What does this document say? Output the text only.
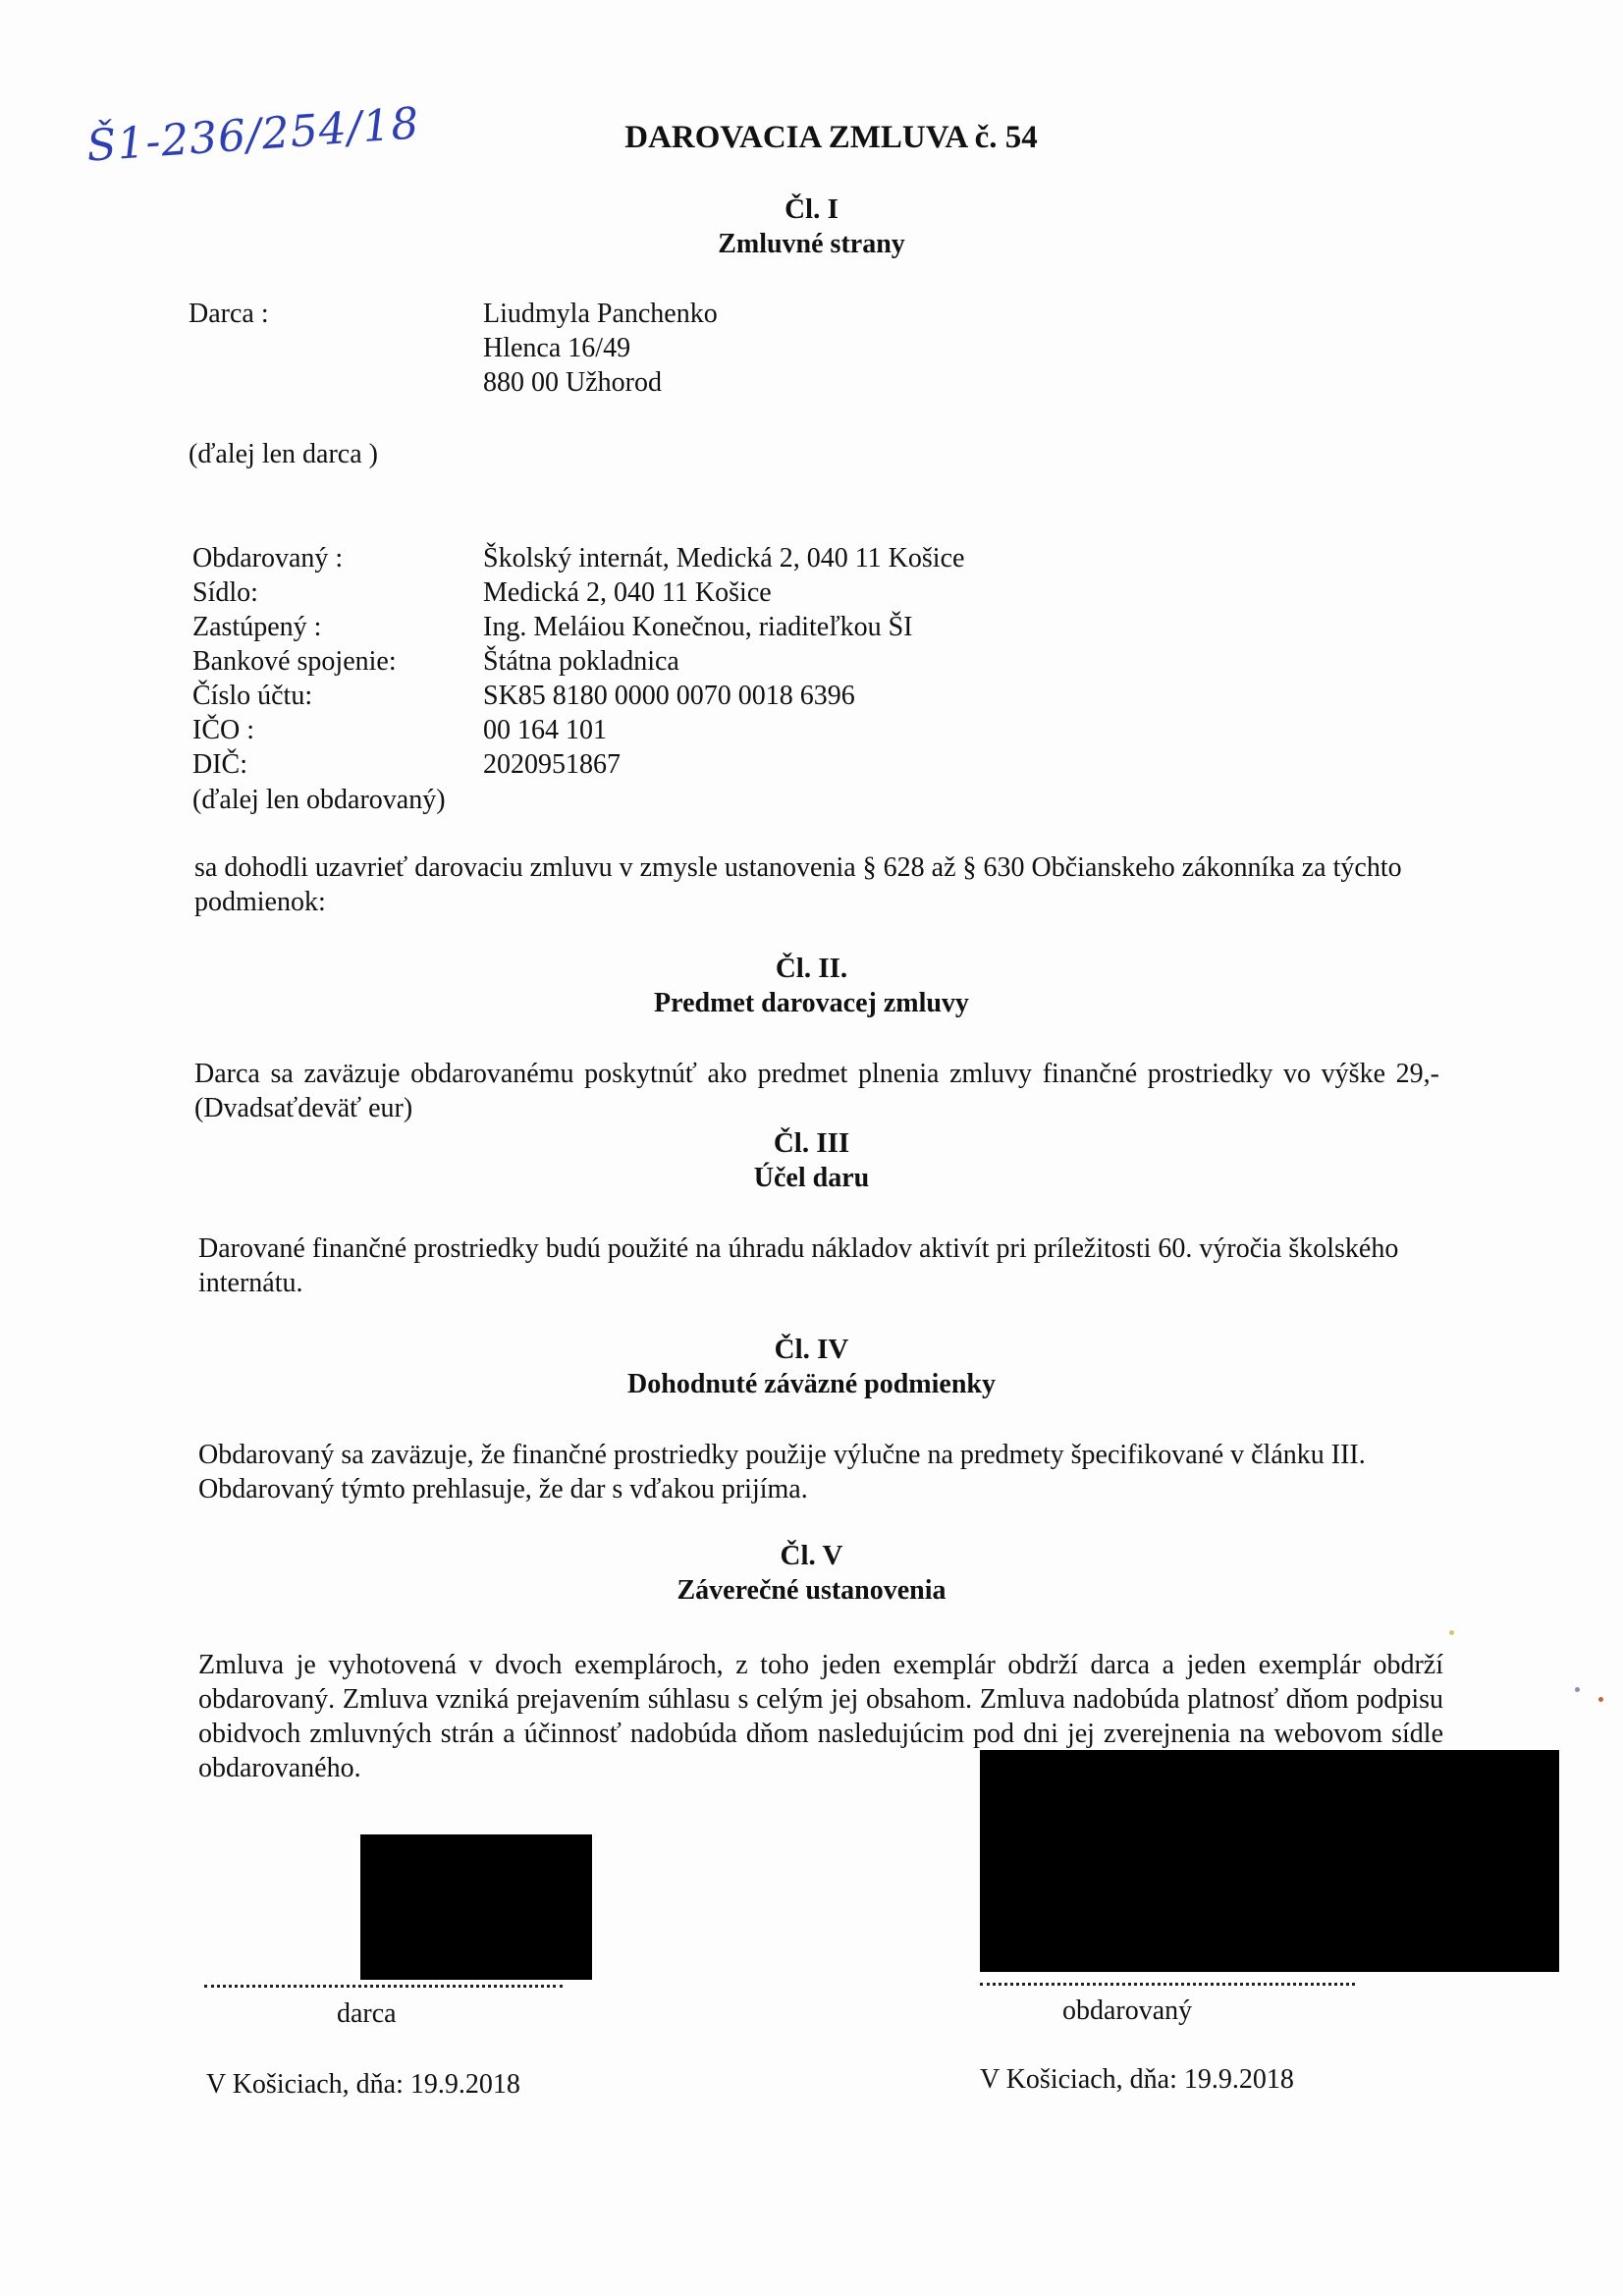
Š1-236/254/18	DAROVACIA ZMLUVA č. 54
Čl. I
Zmluvné strany
Darca :	Liudmyla Panchenko
Hlenca 16/49
880 00 Užhorod
(ďalej len darca )
Obdarovaný :	Školský internát, Medická 2, 040 11 Košice
Sídlo:	Medická 2, 040 11 Košice
Zastúpený :	Ing. Meláiou Konečnou, riaditeľkou ŠI
Bankové spojenie:	Štátna pokladnica
Číslo účtu:	SK85 8180 0000 0070 0018 6396
IČO :	00 164 101
DIČ:	2020951867
(ďalej len obdarovaný)
sa dohodli uzavrieť darovaciu zmluvu v zmysle ustanovenia § 628 až § 630 Občianskeho zákonníka za týchto podmienok:
Čl. II.
Predmet darovacej zmluvy
Darca sa zaväzuje obdarovanému poskytnúť ako predmet plnenia zmluvy finančné prostriedky vo výške 29,- (Dvadsaťdeväť eur)
Čl. III
Účel daru
Darované finančné prostriedky budú použité na úhradu nákladov aktivít pri príležitosti 60. výročia školského internátu.
Čl. IV
Dohodnuté záväzné podmienky
Obdarovaný sa zaväzuje, že finančné prostriedky použije výlučne na predmety špecifikované v článku III. Obdarovaný týmto prehlasuje, že dar s vďakou prijíma.
Čl. V
Záverečné ustanovenia
Zmluva je vyhotovená v dvoch exemplároch, z toho jeden exemplár obdrží darca a jeden exemplár obdrží obdarovaný. Zmluva vzniká prejavením súhlasu s celým jej obsahom. Zmluva nadobúda platnosť dňom podpisu obidvoch zmluvných strán a účinnosť nadobúda dňom nasledujúcim pod dni jej zverejnenia na webovom sídle obdarovaného.
darca	obdarovaný
V Košiciach, dňa: 19.9.2018	V Košiciach, dňa: 19.9.2018
